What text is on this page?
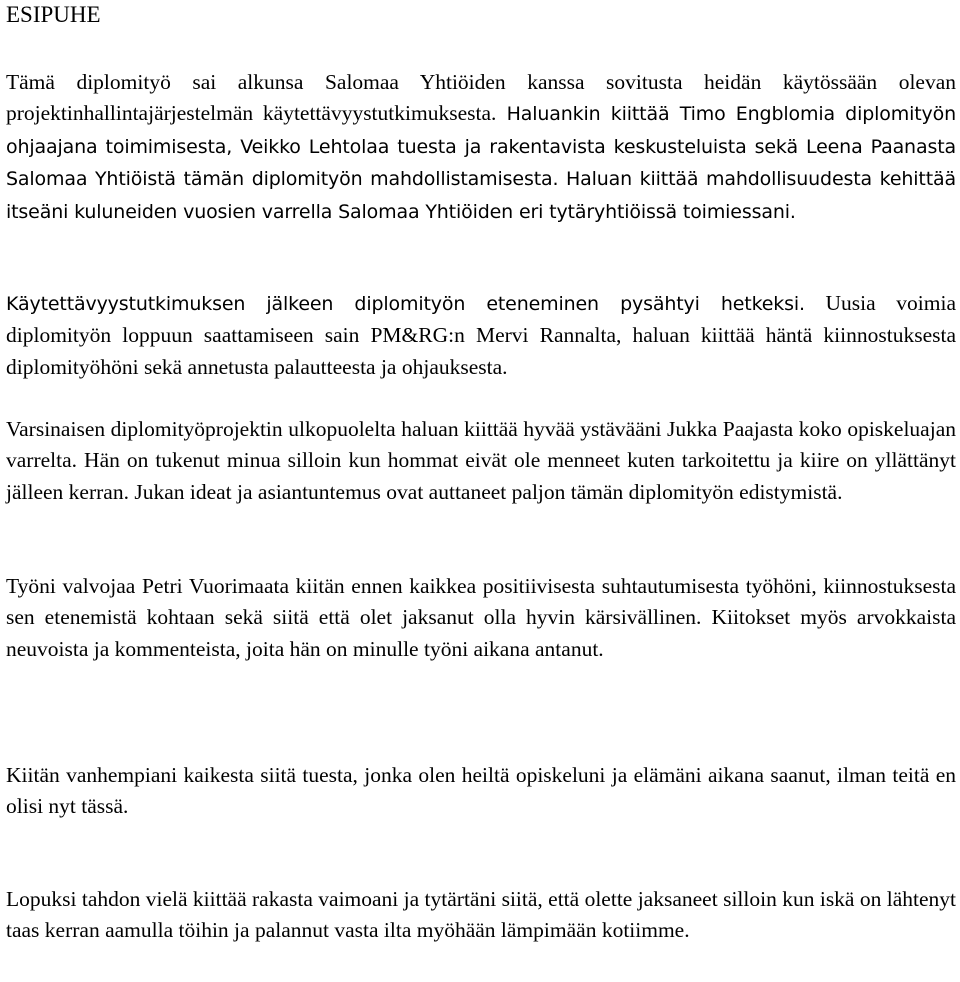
ESIPUHE

Tämä diplomityö sai alkunsa Salomaa Yhtiöiden kanssa sovitusta heidän käytössään olevan projektinhallintajärjestelmän käytettävyystutkimuksesta. Haluankin kiittää Timo Engblomia diplomityön ohjaajana toimimisesta, Veikko Lehtolaa tuesta ja rakentavista keskusteluista sekä Leena Paanasta Salomaa Yhtiöistä tämän diplomityön mahdollistamisesta. Haluan kiittää mahdollisuudesta kehittää itseäni kuluneiden vuosien varrella Salomaa Yhtiöiden eri tytäryhtiöissä toimiessani.

Käytettävyystutkimuksen jälkeen diplomityön eteneminen pysähtyi hetkeksi. Uusia voimia diplomityön loppuun saattamiseen sain PM&RG:n Mervi Rannalta, haluan kiittää häntä kiinnostuksesta diplomityöhöni sekä annetusta palautteesta ja ohjauksesta.

Varsinaisen diplomityöprojektin ulkopuolelta haluan kiittää hyvää ystävääni Jukka Paajasta koko opiskeluajan varrelta. Hän on tukenut minua silloin kun hommat eivät ole menneet kuten tarkoitettu ja kiire on yllättänyt jälleen kerran. Jukan ideat ja asiantuntemus ovat auttaneet paljon tämän diplomityön edistymistä.

Työni valvojaa Petri Vuorimaata kiitän ennen kaikkea positiivisesta suhtautumisesta työhöni, kiinnostuksesta sen etenemistä kohtaan sekä siitä että olet jaksanut olla hyvin kärsivällinen. Kiitokset myös arvokkaista neuvoista ja kommenteista, joita hän on minulle työni aikana antanut.

Kiitän vanhempiani kaikesta siitä tuesta, jonka olen heiltä opiskeluni ja elämäni aikana saanut, ilman teitä en olisi nyt tässä.

Lopuksi tahdon vielä kiittää rakasta vaimoani ja tytärtäni siitä, että olette jaksaneet silloin kun iskä on lähtenyt taas kerran aamulla töihin ja palannut vasta ilta myöhään lämpimään kotiimme.
